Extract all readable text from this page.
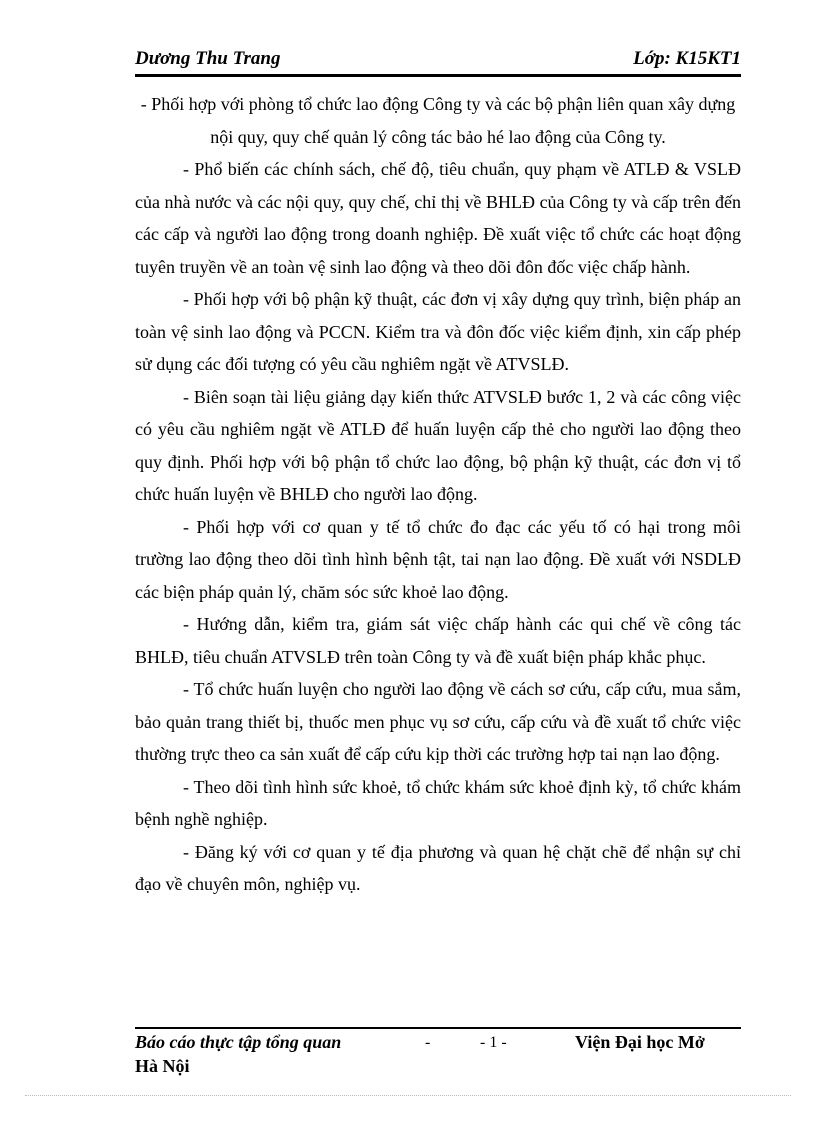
Dương Thu Trang	Lớp: K15KT1

- Phối hợp với phòng tổ chức lao động Công ty và các bộ phận liên quan xây dựng nội quy, quy chế quản lý công tác bảo hé lao động của Công ty.

- Phổ biến các chính sách, chế độ, tiêu chuẩn, quy phạm về ATLĐ & VSLĐ của nhà nước và các nội quy, quy chế, chỉ thị về BHLĐ của Công ty và cấp trên đến các cấp và người lao động trong doanh nghiệp. Đề xuất việc tổ chức các hoạt động tuyên truyền về an toàn vệ sinh lao động và theo dõi đôn đốc việc chấp hành.

- Phối hợp với bộ phận kỹ thuật, các đơn vị xây dựng quy trình, biện pháp an toàn vệ sinh lao động và PCCN. Kiểm tra và đôn đốc việc kiểm định, xin cấp phép sử dụng các đối tượng có yêu cầu nghiêm ngặt về ATVSLĐ.

- Biên soạn tài liệu giảng dạy kiến thức ATVSLĐ bước 1, 2 và các công việc có yêu cầu nghiêm ngặt về ATLĐ để huấn luyện cấp thẻ cho người lao động theo quy định. Phối hợp với bộ phận tổ chức lao động, bộ phận kỹ thuật, các đơn vị tổ chức huấn luyện về BHLĐ cho người lao động.

- Phối hợp với cơ quan y tế tổ chức đo đạc các yếu tố có hại trong môi trường lao động theo dõi tình hình bệnh tật, tai nạn lao động. Đề xuất với NSDLĐ các biện pháp quản lý, chăm sóc sức khoẻ lao động.

- Hướng dẫn, kiểm tra, giám sát việc chấp hành các qui chế về công tác BHLĐ, tiêu chuẩn ATVSLĐ trên toàn Công ty và đề xuất biện pháp khắc phục.

- Tổ chức huấn luyện cho người lao động về cách sơ cứu, cấp cứu, mua sắm, bảo quản trang thiết bị, thuốc men phục vụ sơ cứu, cấp cứu và đề xuất tổ chức việc thường trực theo ca sản xuất để cấp cứu kịp thời các trường hợp tai nạn lao động.

- Theo dõi tình hình sức khoẻ, tổ chức khám sức khoẻ định kỳ, tổ chức khám bệnh nghề nghiệp.

- Đăng ký với cơ quan y tế địa phương và quan hệ chặt chẽ để nhận sự chỉ đạo về chuyên môn, nghiệp vụ.

Báo cáo thực tập tổng quan	-	- 1 -	Viện Đại học Mở
Hà Nội
